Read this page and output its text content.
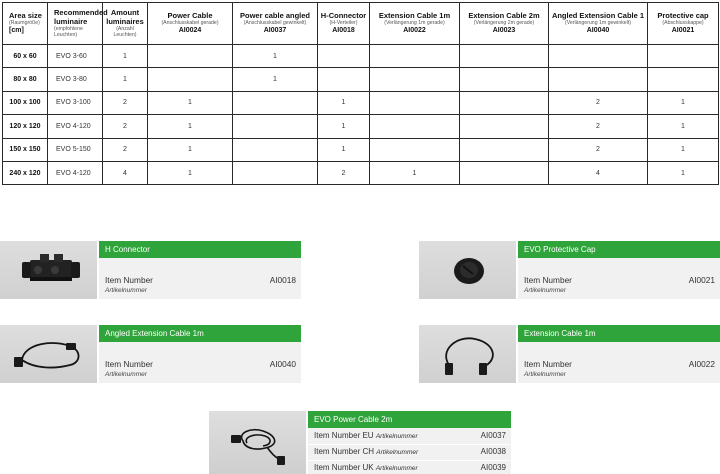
Area size
(Raumgröße)
[cm]	Recommended luminaire
(empfohlene Leuchten)	Amount luminaires
(Anzahl Leuchten)	Power Cable
(Anschlusskabel gerade)
AI0024	Power cable angled
(Anschlusskabel gewinkelt)
AI0037	H-Connector
(H-Verteiler)
AI0018	Extension Cable 1m
(Verlängerung 1m gerade)
AI0022	Extension Cable 2m
(Verlängerung 2m gerade)
AI0023	Angled Extension Cable 1
(Verlängerung 1m gewinkelt)
AI0040	Protective cap
(Abschlusskappe)
AI0021

60 x 60	EVO 3-60	1		1					
80 x 80	EVO 3-80	1		1					
100 x 100	EVO 3-100	2	1		1			2	1
120 x 120	EVO 4-120	2	1		1			2	1
150 x 150	EVO 5-150	2	1		1			2	1
240 x 120	EVO 4-120	4	1		2	1		4	1
H Connector
Item Number
Artikelnummer
AI0018
EVO Protective Cap
Item Number
Artikelnummer
AI0021
Angled Extension Cable 1m
Item Number
Artikelnummer
AI0040
Extension Cable 1m
Item Number
Artikelnummer
AI0022
EVO Power Cable 2m
Item Number EU Artikelnummer	AI0037
Item Number CH Artikelnummer	AI0038
Item Number UK Artikelnummer	AI0039
